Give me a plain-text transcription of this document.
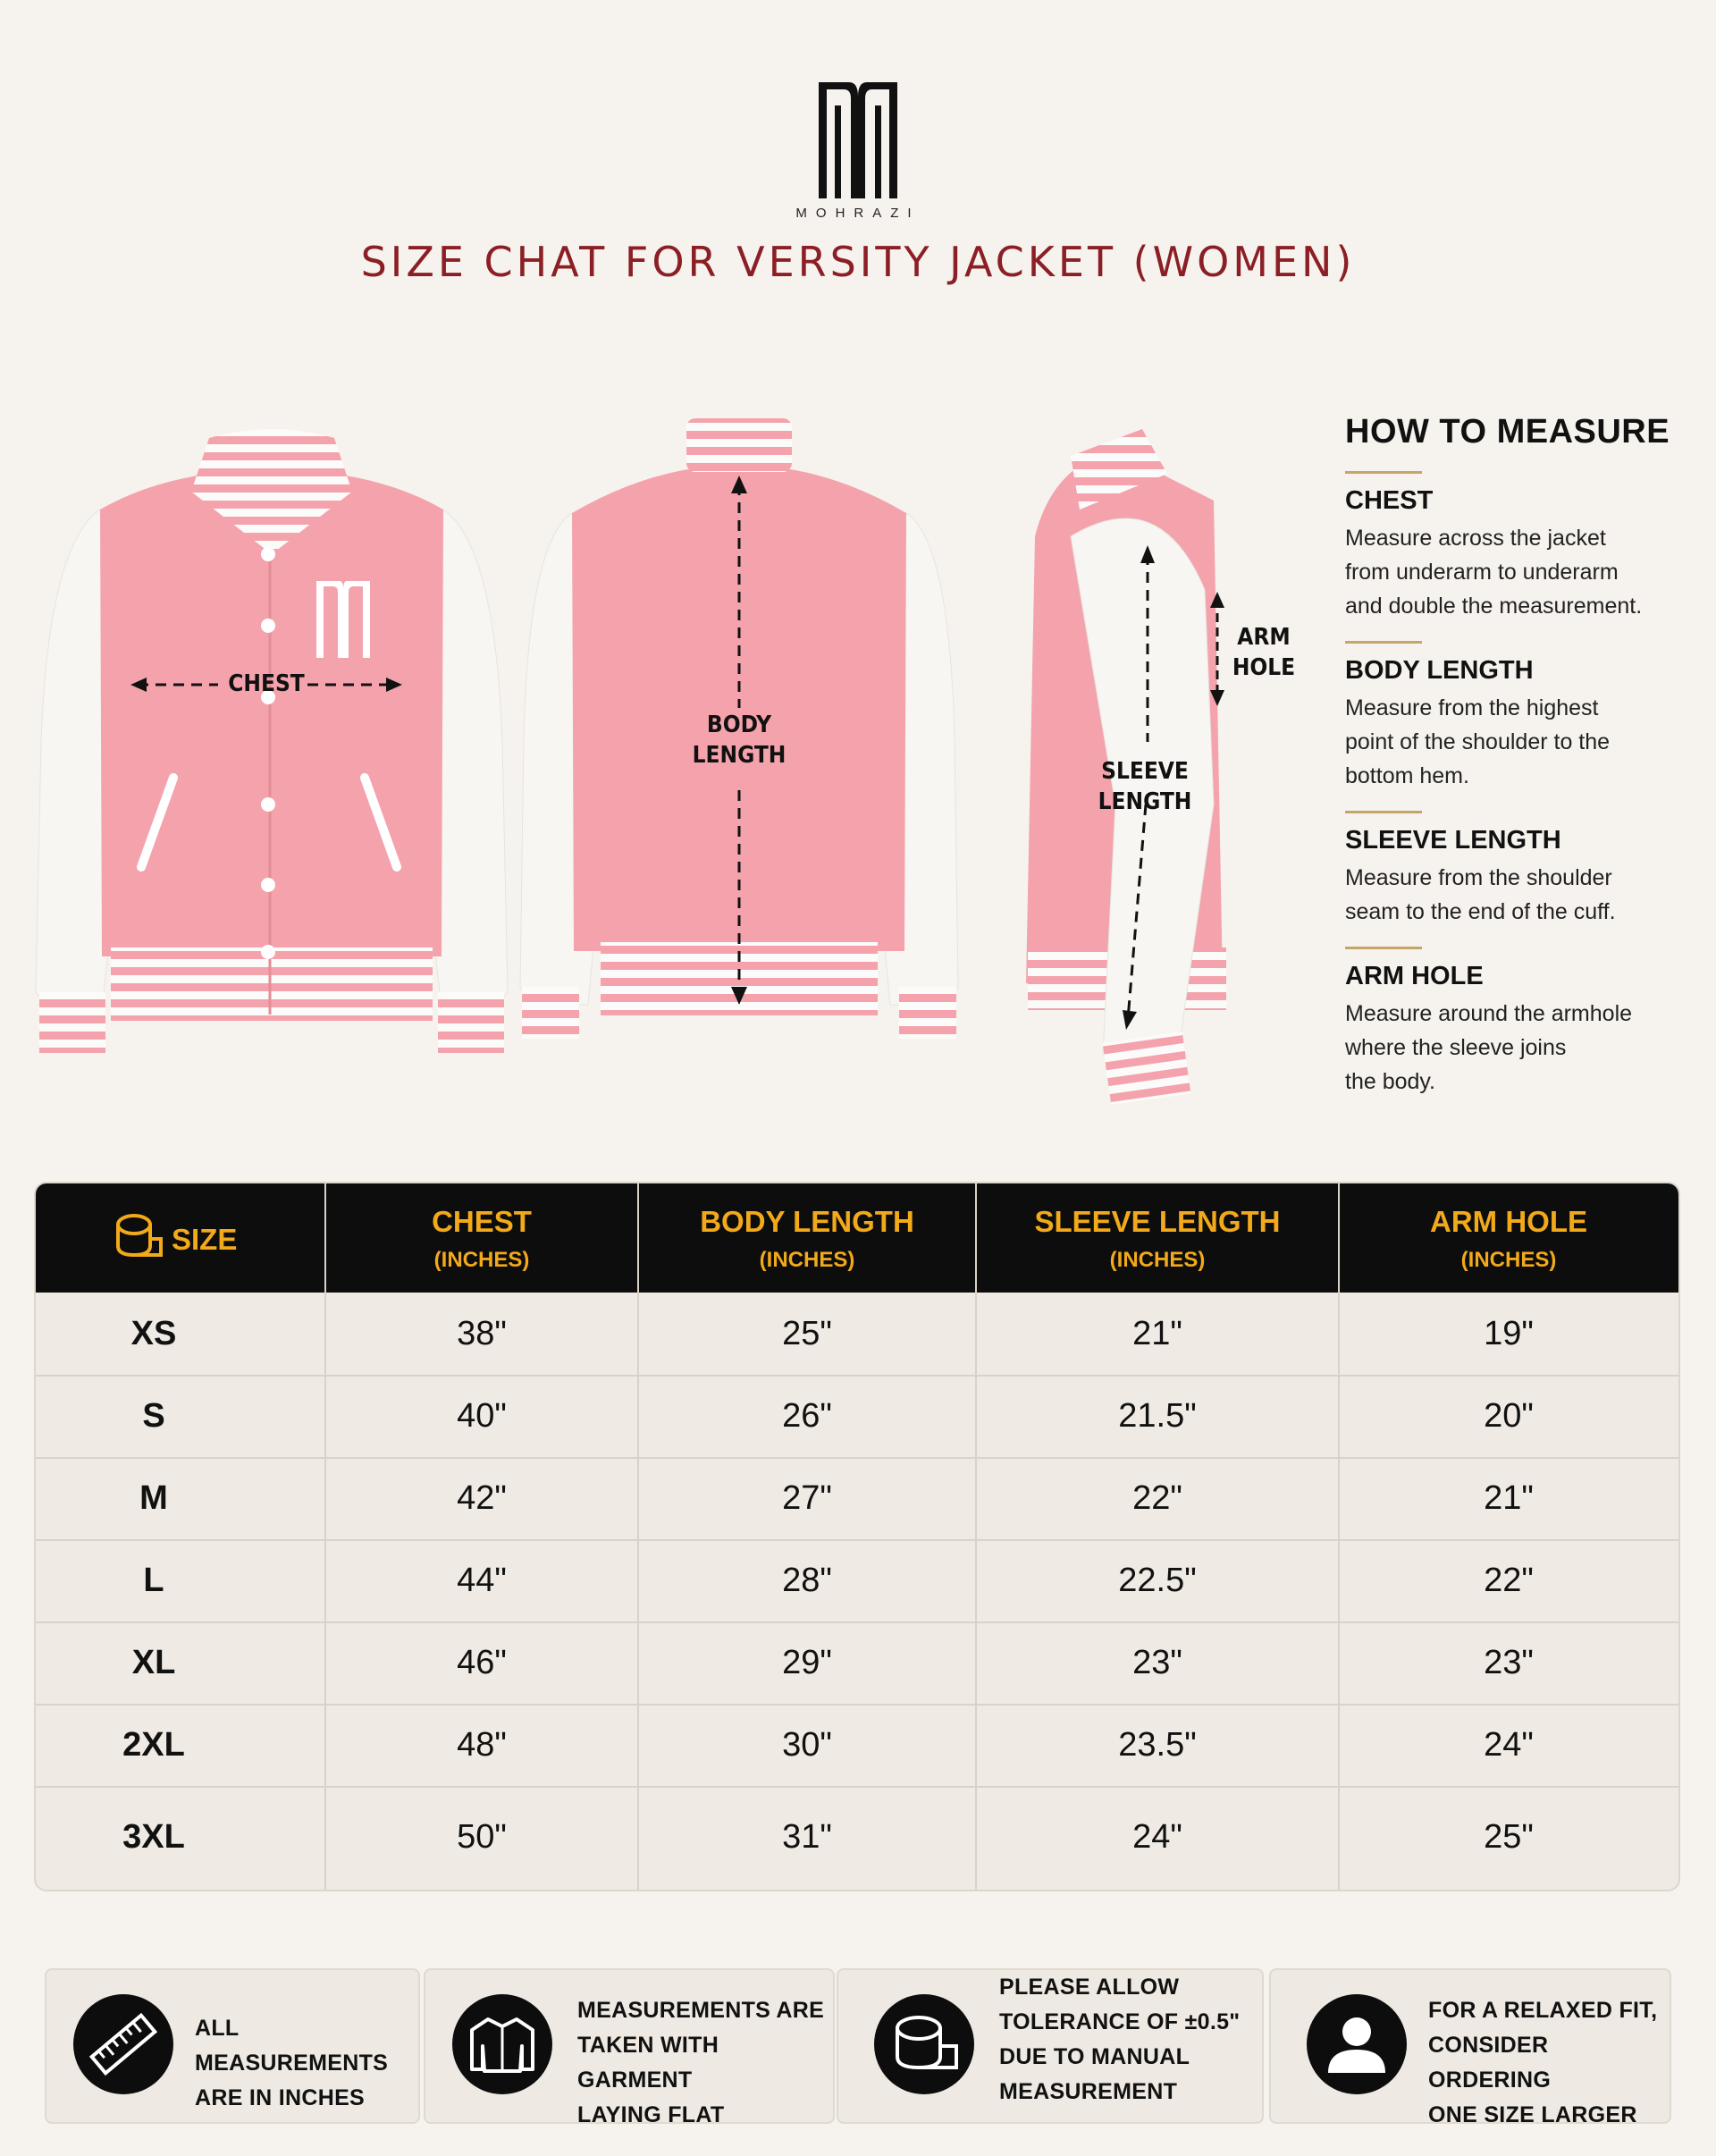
MOHRAZI
SIZE CHAT FOR VERSITY JACKET (WOMEN)
CHEST
BODY
LENGTH
SLEEVE
LENGTH
ARM
HOLE
HOW TO MEASURE
CHEST
Measure across the jacket
from underarm to underarm
and double the measurement.
BODY LENGTH
Measure from the highest
point of the shoulder to the
bottom hem.
SLEEVE LENGTH
Measure from the shoulder
seam to the end of the cuff.
ARM HOLE
Measure around the armhole
where the sleeve joins
the body.
SIZE
CHEST
(INCHES)
BODY LENGTH
(INCHES)
SLEEVE LENGTH
(INCHES)
ARM HOLE
(INCHES)
XS	38"	25"	21"	19"
S	40"	26"	21.5"	20"
M	42"	27"	22"	21"
L	44"	28"	22.5"	22"
XL	46"	29"	23"	23"
2XL	48"	30"	23.5"	24"
3XL	50"	31"	24"	25"
ALL MEASUREMENTS
ARE IN INCHES
MEASUREMENTS ARE
TAKEN WITH GARMENT
LAYING FLAT
PLEASE ALLOW
TOLERANCE OF ±0.5"
DUE TO MANUAL
MEASUREMENT
FOR A RELAXED FIT,
CONSIDER ORDERING
ONE SIZE LARGER
